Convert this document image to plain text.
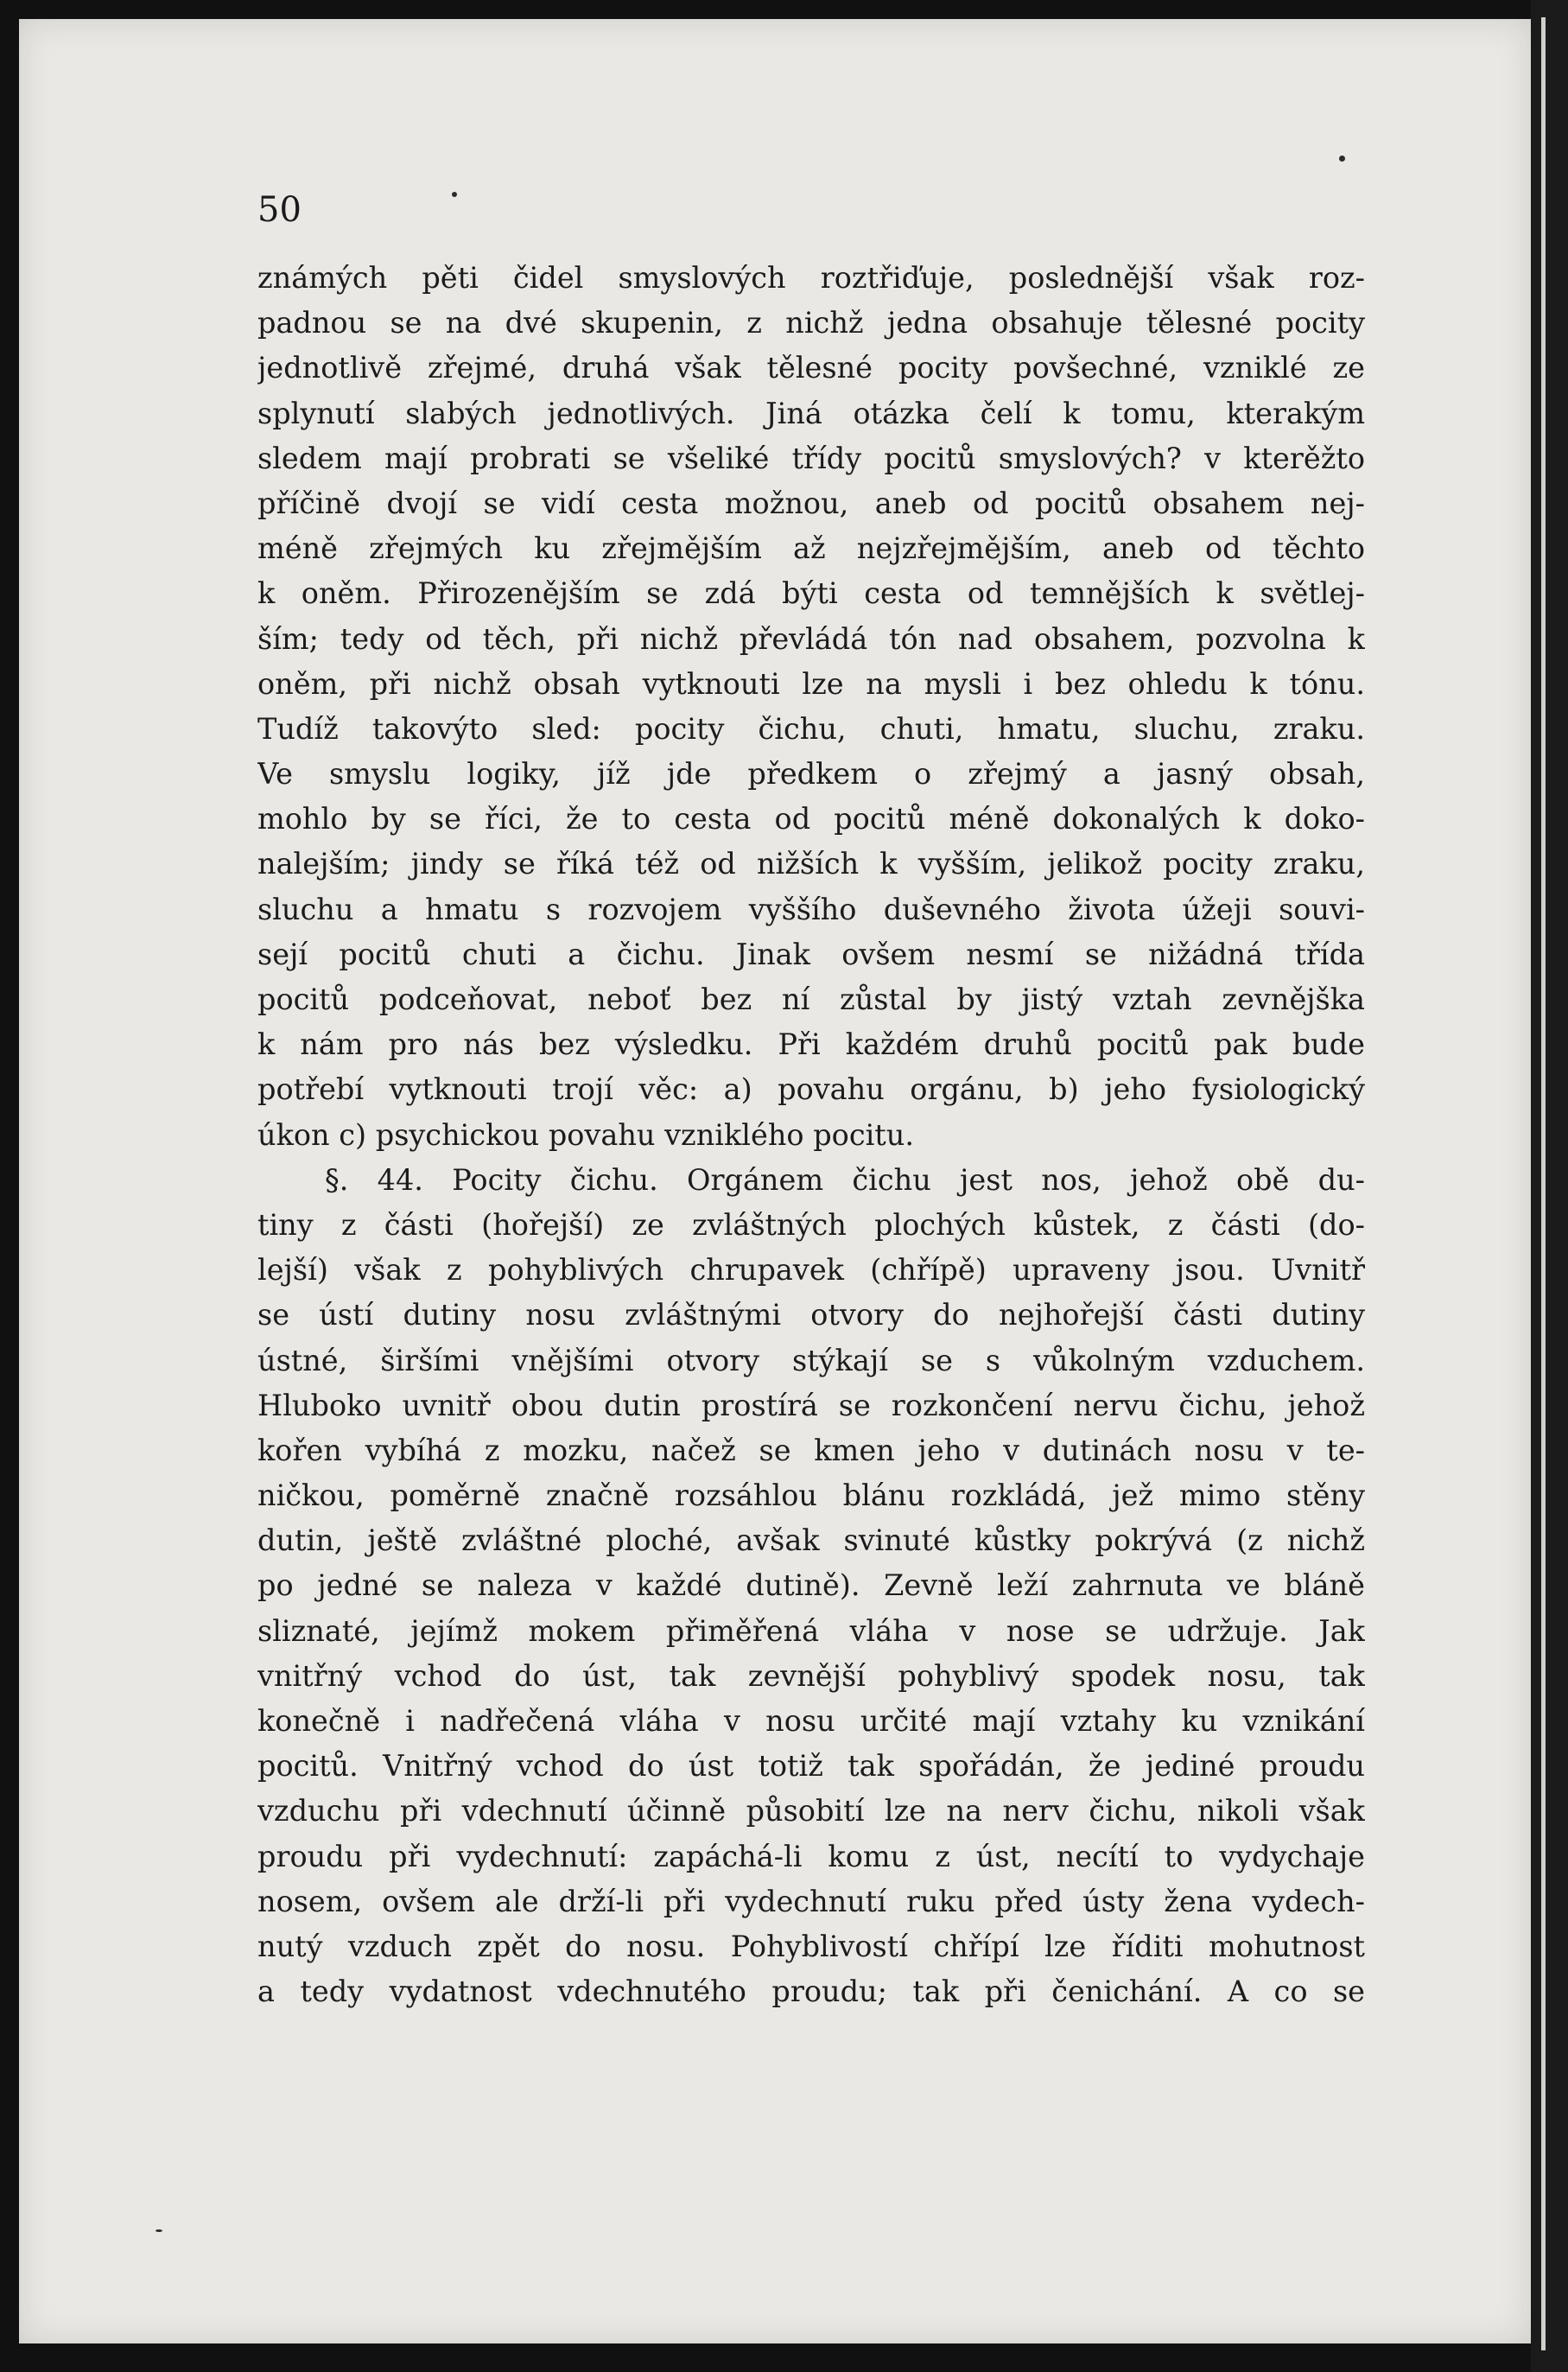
50
známých pěti čidel smyslových roztřiďuje, poslednější však roz-
padnou se na dvé skupenin, z nichž jedna obsahuje tělesné pocity
jednotlivě zřejmé, druhá však tělesné pocity povšechné, vzniklé ze
splynutí slabých jednotlivých. Jiná otázka čelí k tomu, kterakým
sledem mají probrati se všeliké třídy pocitů smyslových? v kterěžto
příčině dvojí se vidí cesta možnou, aneb od pocitů obsahem nej-
méně zřejmých ku zřejmějším až nejzřejmějším, aneb od těchto
k oněm. Přirozenějším se zdá býti cesta od temnějších k světlej-
ším; tedy od těch, při nichž převládá tón nad obsahem, pozvolna k
oněm, při nichž obsah vytknouti lze na mysli i bez ohledu k tónu.
Tudíž takovýto sled: pocity čichu, chuti, hmatu, sluchu, zraku.
Ve smyslu logiky, jíž jde předkem o zřejmý a jasný obsah,
mohlo by se říci, že to cesta od pocitů méně dokonalých k doko-
nalejším; jindy se říká též od nižších k vyšším, jelikož pocity zraku,
sluchu a hmatu s rozvojem vyššího duševného života úžeji souvi-
sejí pocitů chuti a čichu. Jinak ovšem nesmí se nižádná třída
pocitů podceňovat, neboť bez ní zůstal by jistý vztah zevnějška
k nám pro nás bez výsledku. Při každém druhů pocitů pak bude
potřebí vytknouti trojí věc: a) povahu orgánu, b) jeho fysiologický
úkon c) psychickou povahu vzniklého pocitu.
§. 44. Pocity čichu. Orgánem čichu jest nos, jehož obě du-
tiny z části (hořejší) ze zvláštných plochých kůstek, z části (do-
lejší) však z pohyblivých chrupavek (chřípě) upraveny jsou. Uvnitř
se ústí dutiny nosu zvláštnými otvory do nejhořejší části dutiny
ústné, širšími vnějšími otvory stýkají se s vůkolným vzduchem.
Hluboko uvnitř obou dutin prostírá se rozkončení nervu čichu, jehož
kořen vybíhá z mozku, načež se kmen jeho v dutinách nosu v te-
ničkou, poměrně značně rozsáhlou blánu rozkládá, jež mimo stěny
dutin, ještě zvláštné ploché, avšak svinuté kůstky pokrývá (z nichž
po jedné se naleza v každé dutině). Zevně leží zahrnuta ve bláně
sliznaté, jejímž mokem přiměřená vláha v nose se udržuje. Jak
vnitřný vchod do úst, tak zevnější pohyblivý spodek nosu, tak
konečně i nadřečená vláha v nosu určité mají vztahy ku vznikání
pocitů. Vnitřný vchod do úst totiž tak spořádán, že jediné proudu
vzduchu při vdechnutí účinně působití lze na nerv čichu, nikoli však
proudu při vydechnutí: zapáchá-li komu z úst, necítí to vydychaje
nosem, ovšem ale drží-li při vydechnutí ruku před ústy žena vydech-
nutý vzduch zpět do nosu. Pohyblivostí chřípí lze říditi mohutnost
a tedy vydatnost vdechnutého proudu; tak při čenichání. A co se
